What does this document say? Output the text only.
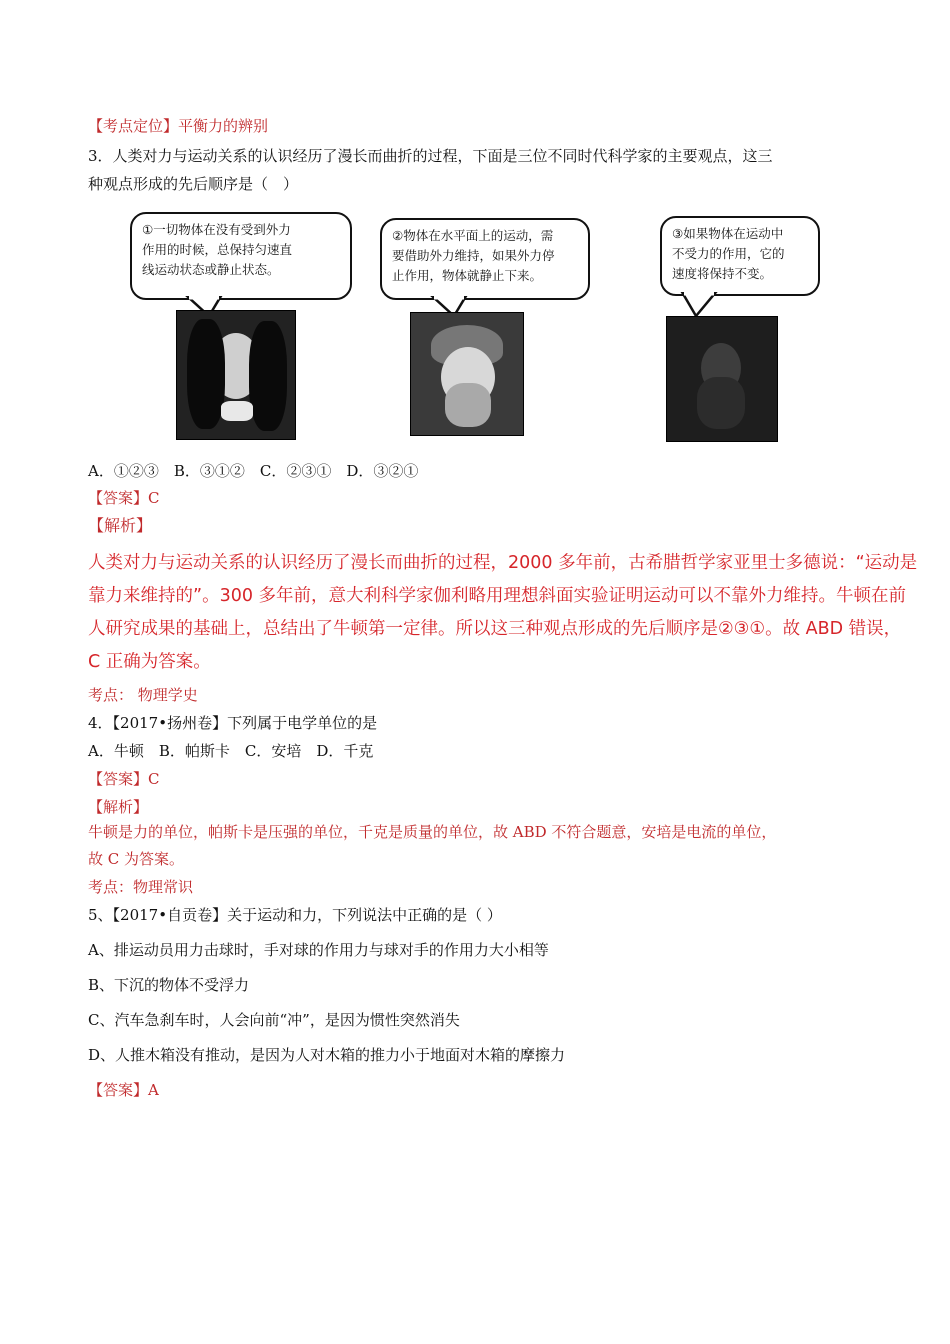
【考点定位】平衡力的辨别
3．人类对力与运动关系的认识经历了漫长而曲折的过程，下面是三位不同时代科学家的主要观点，这三
种观点形成的先后顺序是（　）
①一切物体在没有受到外力
作用的时候，总保持匀速直
线运动状态或静止状态。
②物体在水平面上的运动，需
要借助外力维持，如果外力停
止作用，物体就静止下来。
③如果物体在运动中
不受力的作用，它的
速度将保持不变。
A．①②③　B．③①②　C．②③①　D．③②①
【答案】C
【解析】
人类对力与运动关系的认识经历了漫长而曲折的过程，2000 多年前，古希腊哲学家亚里士多德说：“运动是
靠力来维持的”。300 多年前，意大利科学家伽利略用理想斜面实验证明运动可以不靠外力维持。牛顿在前
人研究成果的基础上，总结出了牛顿第一定律。所以这三种观点形成的先后顺序是②③①。故 ABD 错误，
C 正确为答案。
考点： 物理学史
4．【2017•扬州卷】下列属于电学单位的是
A．牛顿　B．帕斯卡　C．安培　D．千克
【答案】C
【解析】
牛顿是力的单位，帕斯卡是压强的单位，千克是质量的单位，故 ABD 不符合题意，安培是电流的单位，
故 C 为答案。
考点：物理常识
5、【2017•自贡卷】关于运动和力，下列说法中正确的是（ ）
A、排运动员用力击球时，手对球的作用力与球对手的作用力大小相等
B、下沉的物体不受浮力
C、汽车急刹车时，人会向前“冲”，是因为惯性突然消失
D、人推木箱没有推动，是因为人对木箱的推力小于地面对木箱的摩擦力
【答案】A
